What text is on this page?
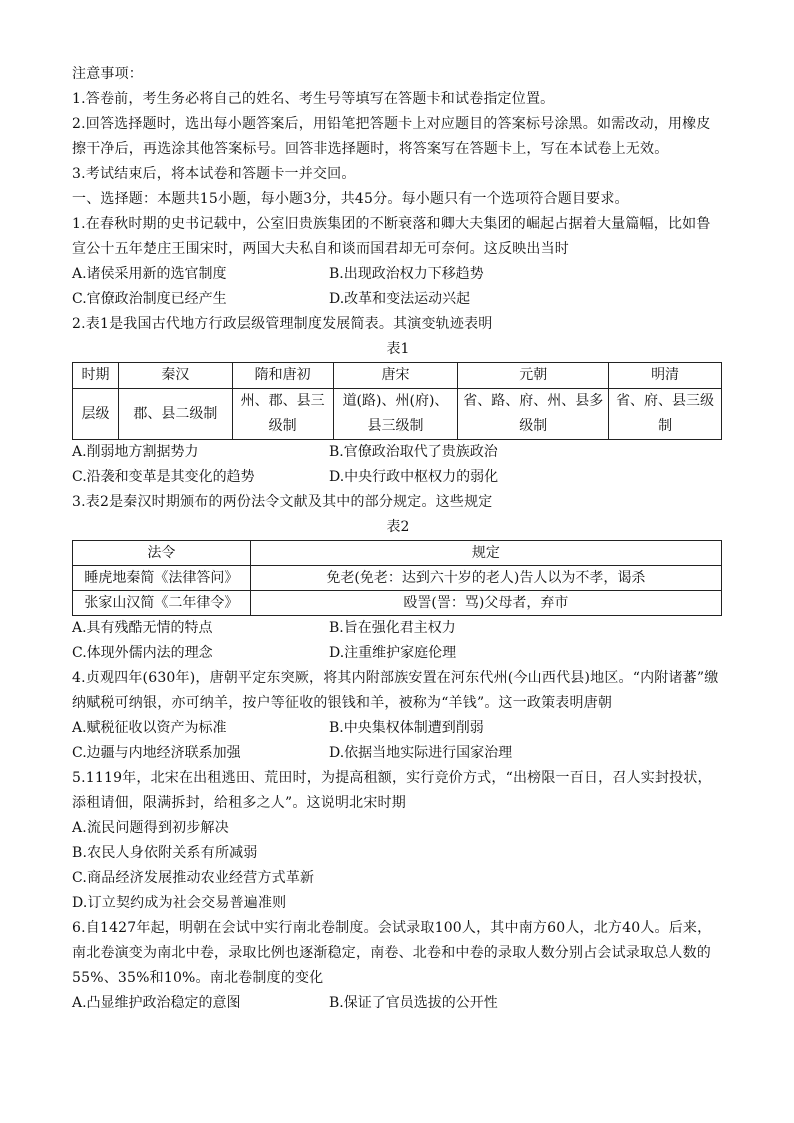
注意事项：
1.答卷前，考生务必将自己的姓名、考生号等填写在答题卡和试卷指定位置。
2.回答选择题时，选出每小题答案后，用铅笔把答题卡上对应题目的答案标号涂黑。如需改动，用橡皮擦干净后，再选涂其他答案标号。回答非选择题时，将答案写在答题卡上，写在本试卷上无效。
3.考试结束后，将本试卷和答题卡一并交回。
一、选择题：本题共15小题，每小题3分，共45分。每小题只有一个选项符合题目要求。
1.在春秋时期的史书记载中，公室旧贵族集团的不断衰落和卿大夫集团的崛起占据着大量篇幅，比如鲁宣公十五年楚庄王围宋时，两国大夫私自和谈而国君却无可奈何。这反映出当时
A.诸侯采用新的选官制度	B.出现政治权力下移趋势
C.官僚政治制度已经产生	D.改革和变法运动兴起
2.表1是我国古代地方行政层级管理制度发展简表。其演变轨迹表明
表1
时期	秦汉	隋和唐初	唐宋	元朝	明清
层级	郡、县二级制	州、郡、县三级制	道(路)、州(府)、县三级制	省、路、府、州、县多级制	省、府、县三级制
A.削弱地方割据势力	B.官僚政治取代了贵族政治
C.沿袭和变革是其变化的趋势	D.中央行政中枢权力的弱化
3.表2是秦汉时期颁布的两份法令文献及其中的部分规定。这些规定
表2
法令	规定
睡虎地秦简《法律答问》	免老(免老：达到六十岁的老人)告人以为不孝，谒杀
张家山汉简《二年律令》	殴詈(詈：骂)父母者，弃市
A.具有残酷无情的特点	B.旨在强化君主权力
C.体现外儒内法的理念	D.注重维护家庭伦理
4.贞观四年(630年)，唐朝平定东突厥，将其内附部族安置在河东代州(今山西代县)地区。“内附诸蕃”缴纳赋税可纳银，亦可纳羊，按户等征收的银钱和羊，被称为“羊钱”。这一政策表明唐朝
A.赋税征收以资产为标准	B.中央集权体制遭到削弱
C.边疆与内地经济联系加强	D.依据当地实际进行国家治理
5.1119年，北宋在出租逃田、荒田时，为提高租额，实行竞价方式，“出榜限一百日，召人实封投状，添租请佃，限满拆封，给租多之人”。这说明北宋时期
A.流民问题得到初步解决
B.农民人身依附关系有所减弱
C.商品经济发展推动农业经营方式革新
D.订立契约成为社会交易普遍准则
6.自1427年起，明朝在会试中实行南北卷制度。会试录取100人，其中南方60人，北方40人。后来，南北卷演变为南北中卷，录取比例也逐渐稳定，南卷、北卷和中卷的录取人数分别占会试录取总人数的55%、35%和10%。南北卷制度的变化
A.凸显维护政治稳定的意图	B.保证了官员选拔的公开性
